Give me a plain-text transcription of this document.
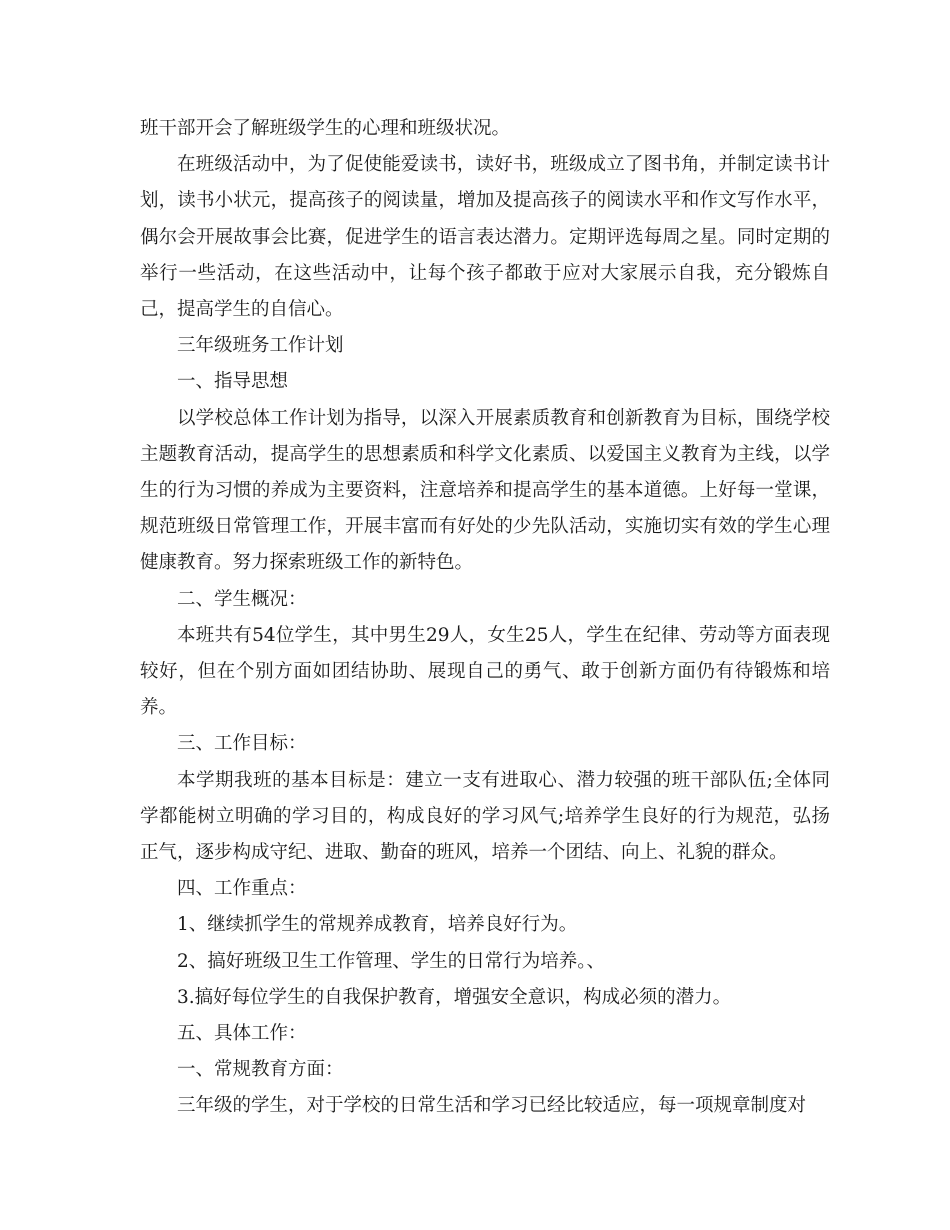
班干部开会了解班级学生的心理和班级状况。

在班级活动中，为了促使能爱读书，读好书，班级成立了图书角，并制定读书计划，读书小状元，提高孩子的阅读量，增加及提高孩子的阅读水平和作文写作水平，偶尔会开展故事会比赛，促进学生的语言表达潜力。定期评选每周之星。同时定期的举行一些活动，在这些活动中，让每个孩子都敢于应对大家展示自我，充分锻炼自己，提高学生的自信心。

三年级班务工作计划

一、指导思想

以学校总体工作计划为指导，以深入开展素质教育和创新教育为目标，围绕学校主题教育活动，提高学生的思想素质和科学文化素质、以爱国主义教育为主线，以学生的行为习惯的养成为主要资料，注意培养和提高学生的基本道德。上好每一堂课，规范班级日常管理工作，开展丰富而有好处的少先队活动，实施切实有效的学生心理健康教育。努力探索班级工作的新特色。

二、学生概况：

本班共有54位学生，其中男生29人，女生25人，学生在纪律、劳动等方面表现较好，但在个别方面如团结协助、展现自己的勇气、敢于创新方面仍有待锻炼和培养。

三、工作目标：

本学期我班的基本目标是：建立一支有进取心、潜力较强的班干部队伍;全体同学都能树立明确的学习目的，构成良好的学习风气;培养学生良好的行为规范，弘扬正气，逐步构成守纪、进取、勤奋的班风，培养一个团结、向上、礼貌的群众。

四、工作重点：

1、继续抓学生的常规养成教育，培养良好行为。

2、搞好班级卫生工作管理、学生的日常行为培养。、

3.搞好每位学生的自我保护教育，增强安全意识，构成必须的潜力。

五、具体工作：

一、常规教育方面：

三年级的学生，对于学校的日常生活和学习已经比较适应，每一项规章制度对
